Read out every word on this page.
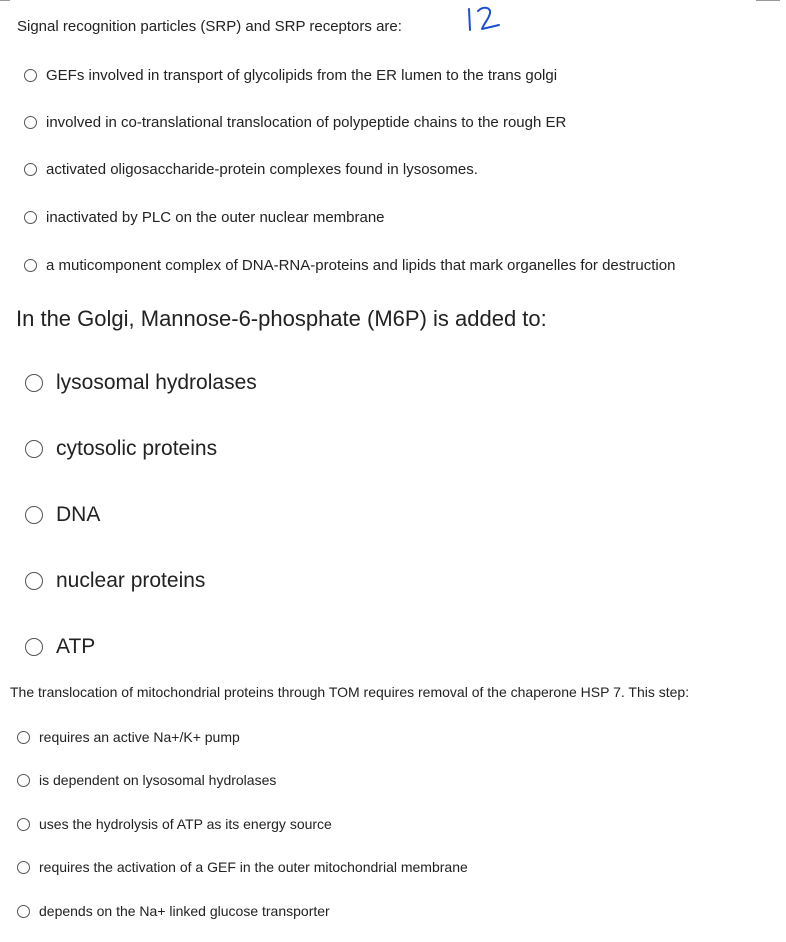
Signal recognition particles (SRP) and SRP receptors are:

GEFs involved in transport of glycolipids from the ER lumen to the trans golgi
involved in co-translational translocation of polypeptide chains to the rough ER
activated oligosaccharide-protein complexes found in lysosomes.
inactivated by PLC on the outer nuclear membrane
a muticomponent complex of DNA-RNA-proteins and lipids that mark organelles for destruction

In the Golgi, Mannose-6-phosphate (M6P) is added to:

lysosomal hydrolases
cytosolic proteins
DNA
nuclear proteins
ATP

The translocation of mitochondrial proteins through TOM requires removal of the chaperone HSP 7. This step:

requires an active Na+/K+ pump
is dependent on lysosomal hydrolases
uses the hydrolysis of ATP as its energy source
requires the activation of a GEF in the outer mitochondrial membrane
depends on the Na+ linked glucose transporter
